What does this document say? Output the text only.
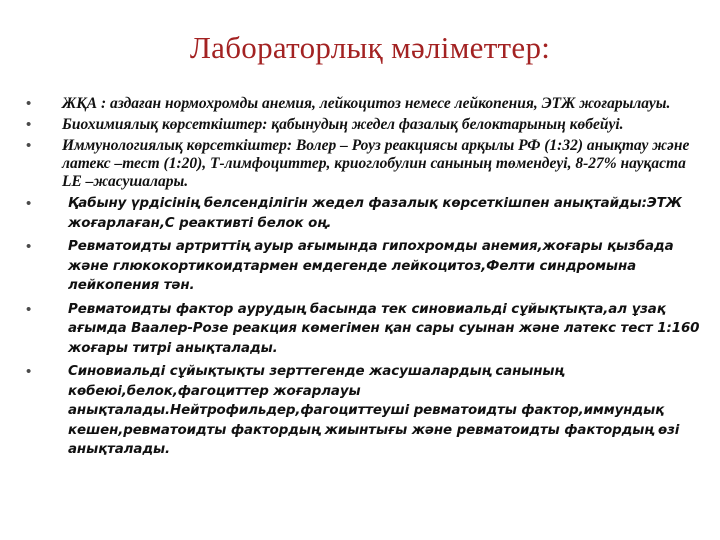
Лабораторлық мәліметтер:
• ЖҚА : аздаған нормохромды анемия, лейкоцитоз немесе лейкопения, ЭТЖ жоғарылауы.
• Биохимиялық көрсеткіштер: қабынудың жедел фазалық белоктарының көбейуі.
• Иммунологиялық көрсеткіштер: Волер – Роуз реакциясы арқылы РФ (1:32) анықтау және латекс –тест (1:20), Т-лимфоциттер, криоглобулин санының төмендеуі, 8-27% науқаста LE –жасушалары.
•	Қабыну үрдісінің белсенділігін жедел фазалық көрсеткішпен анықтайды:ЭТЖ жоғарлаған,С реактивті белок оң.
•	Ревматоидты артриттің ауыр ағымында гипохромды анемия,жоғары қызбада және глюкокортикоидтармен емдегенде лейкоцитоз,Фелти синдромына лейкопения тән.
•	Ревматоидты фактор аурудың басында тек синовиальді сұйықтықта,ал ұзақ ағымда Ваалер-Розе реакция көмегімен қан сары суынан және латекс тест 1:160 жоғары титрі анықталады.
•	Синовиальді сұйықтықты зерттегенде жасушалардың санының көбеюі,белок,фагоциттер жоғарлауы анықталады.Нейтрофильдер,фагоциттеуші ревматоидты фактор,иммундық кешен,ревматоидты фактордың жиынтығы және ревматоидты фактордың өзі анықталады.
